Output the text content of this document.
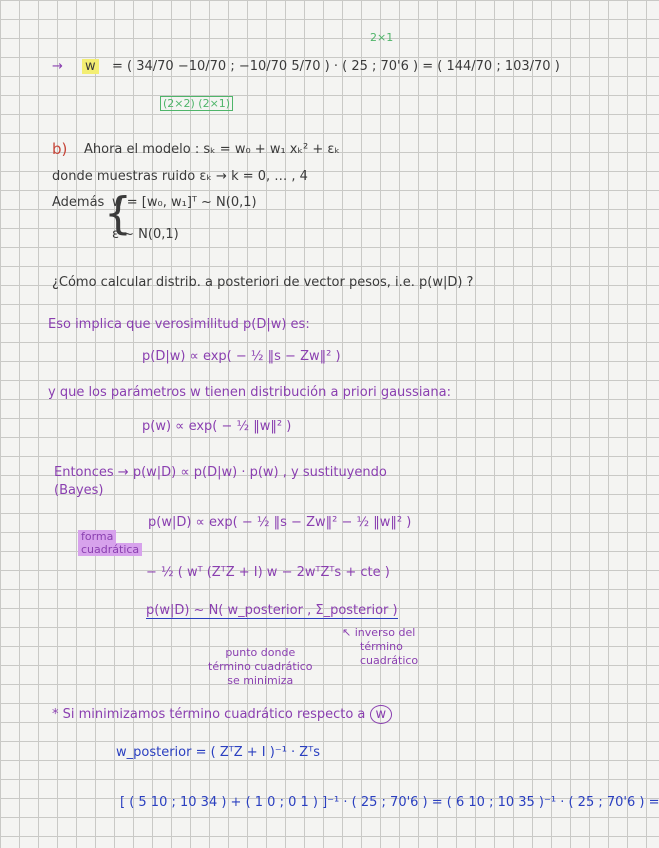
2×1
→ w = ( 34/70 −10/70 ; −10/70 5/70 ) · ( 25 ; 70'6 ) = ( 144/70 ; 103/70 )
(2×2) (2×1)
b) Ahora el modelo : sₖ = w₀ + w₁ xₖ² + εₖ
donde muestras ruido εₖ → k = 0, … , 4
Además w = [w₀, w₁]ᵀ ~ N(0,1)
ε ~ N(0,1)
{
¿Cómo calcular distrib. a posteriori de vector pesos, i.e. p(w|D) ?
Eso implica que verosimilitud p(D|w) es:
p(D|w) ∝ exp( − ½ ‖s − Zw‖² )
y que los parámetros w tienen distribución a priori gaussiana:
p(w) ∝ exp( − ½ ‖w‖² )
Entonces → p(w|D) ∝ p(D|w) · p(w) , y sustituyendo
(Bayes)
forma
cuadrática
p(w|D) ∝ exp( − ½ ‖s − Zw‖² − ½ ‖w‖² )
− ½ ( wᵀ (ZᵀZ + I) w − 2wᵀZᵀs + cte )
p(w|D) ~ N( w_posterior , Σ_posterior )
punto donde
término cuadrático
se minimiza
↖ inverso del
término
cuadrático
* Si minimizamos término cuadrático respecto a w
w_posterior = ( ZᵀZ + I )⁻¹ · Zᵀs
[ ( 5 10 ; 10 34 ) + ( 1 0 ; 0 1 ) ]⁻¹ · ( 25 ; 70'6 ) = ( 6 10 ; 10 35 )⁻¹ · ( 25 ; 70'6 ) =
